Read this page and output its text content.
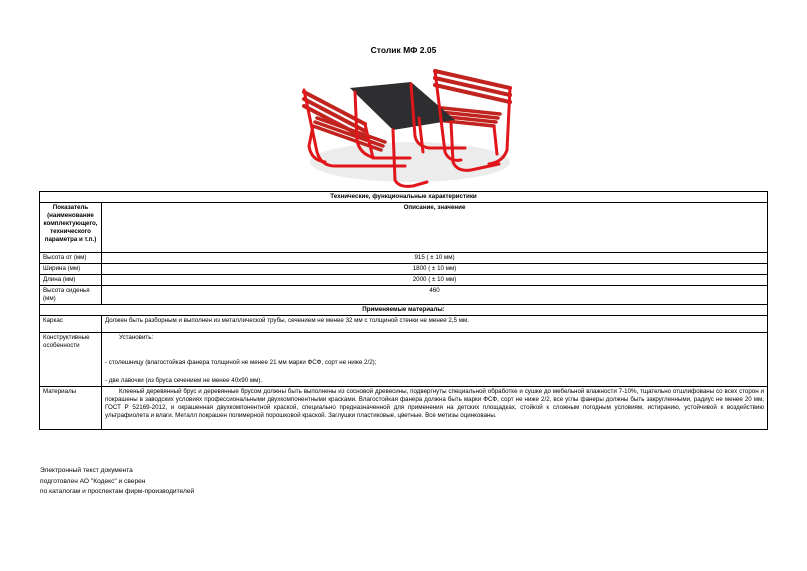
Столик МФ 2.05
Технические, функциональные характеристики	
Показатель (наименование комплектующего, технического параметра и т.п.)	Описание, значение
Высота от (мм)	915 ( ± 10 мм)
Ширина (мм)	1800 ( ± 10 мм)
Длина (мм)	2000 ( ± 10 мм)
Высота сиденья (мм)	460
Применяемые материалы:	
Каркас	Должен быть разборным и выполнен из металлической трубы, сечением не менее 32 мм с толщиной стенки не менее 2,5 мм.
Конструктивные особенности	Установить:
- столешницу (влагостойкая фанера толщиной не менее 21 мм марки ФСФ, сорт не ниже 2/2);
- две лавочки (из бруса сечением не менее 40х90 мм).

Материалы	Клееный деревянный брус и деревянные брусом должны быть выполнены из сосновой древесины, подвергнуты специальной обработке и сушке до мебельной влажности 7-10%, тщательно отшлифованы со всех сторон и покрашены в заводских условиях профессиональными двухкомпонентными красками. Влагостойкая фанера должна быть марки ФСФ, сорт не ниже 2/2, все углы фанеры должны быть закругленными, радиус не менее 20 мм, ГОСТ Р 52169-2012, и окрашенная двухкомпонентной краской, специально предназначенной для применения на детских площадках, стойкой к сложным погодным условиям, истиранию, устойчивой к воздействию ультрафиолета и влаги. Металл покрашен полимерной порошковой краской. Заглушки пластиковые, цветные. Все метизы оцинкованы.
Электронный текст документа
подготовлен АО "Кодекс" и сверен
по каталогам и проспектам фирм-производителей
